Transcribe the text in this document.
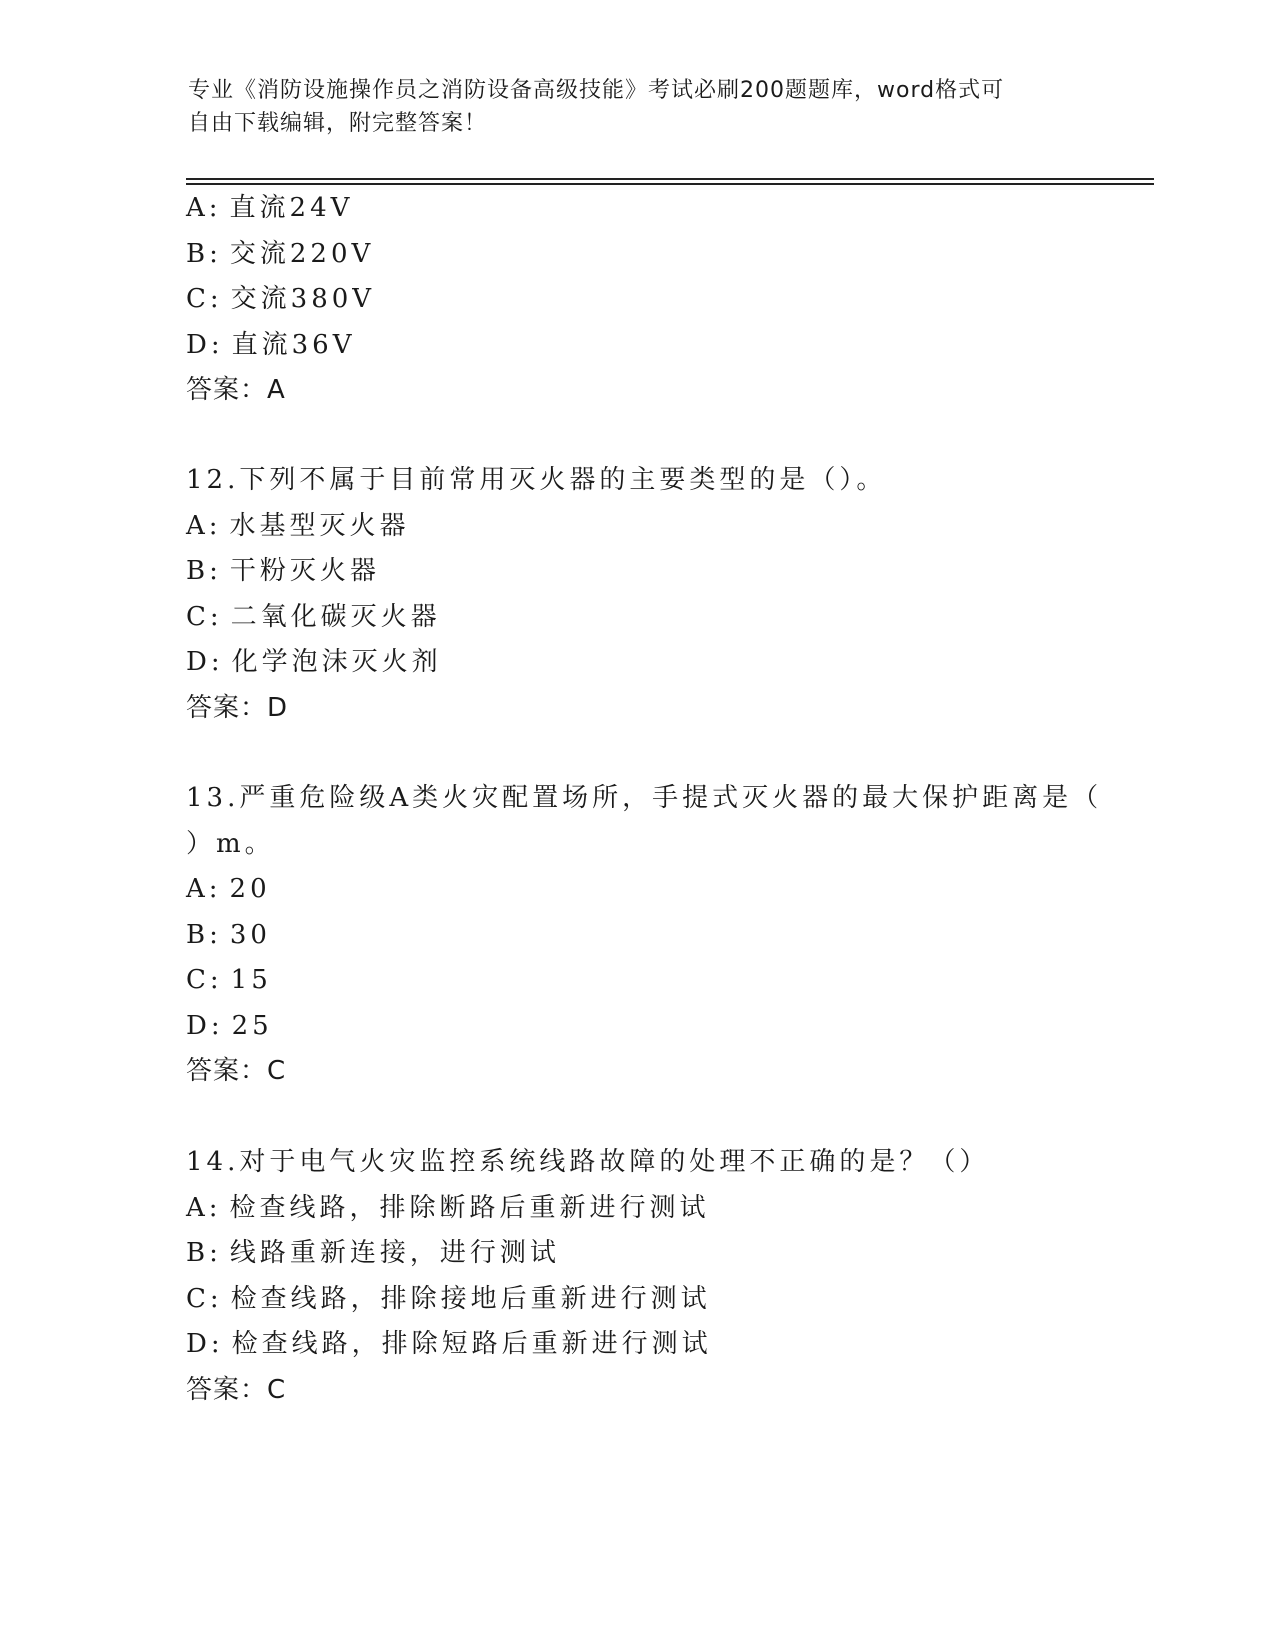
专业《消防设施操作员之消防设备高级技能》考试必刷200题题库，word格式可
自由下载编辑，附完整答案！
A: 直流24V
B: 交流220V
C: 交流380V
D: 直流36V
答案：A
12.下列不属于目前常用灭火器的主要类型的是（）。
A: 水基型灭火器
B: 干粉灭火器
C: 二氧化碳灭火器
D: 化学泡沫灭火剂
答案：D
13.严重危险级A类火灾配置场所，手提式灭火器的最大保护距离是（
）m。
A: 20
B: 30
C: 15
D: 25
答案：C
14.对于电气火灾监控系统线路故障的处理不正确的是？（）
A: 检查线路，排除断路后重新进行测试
B: 线路重新连接，进行测试
C: 检查线路，排除接地后重新进行测试
D: 检查线路，排除短路后重新进行测试
答案：C
